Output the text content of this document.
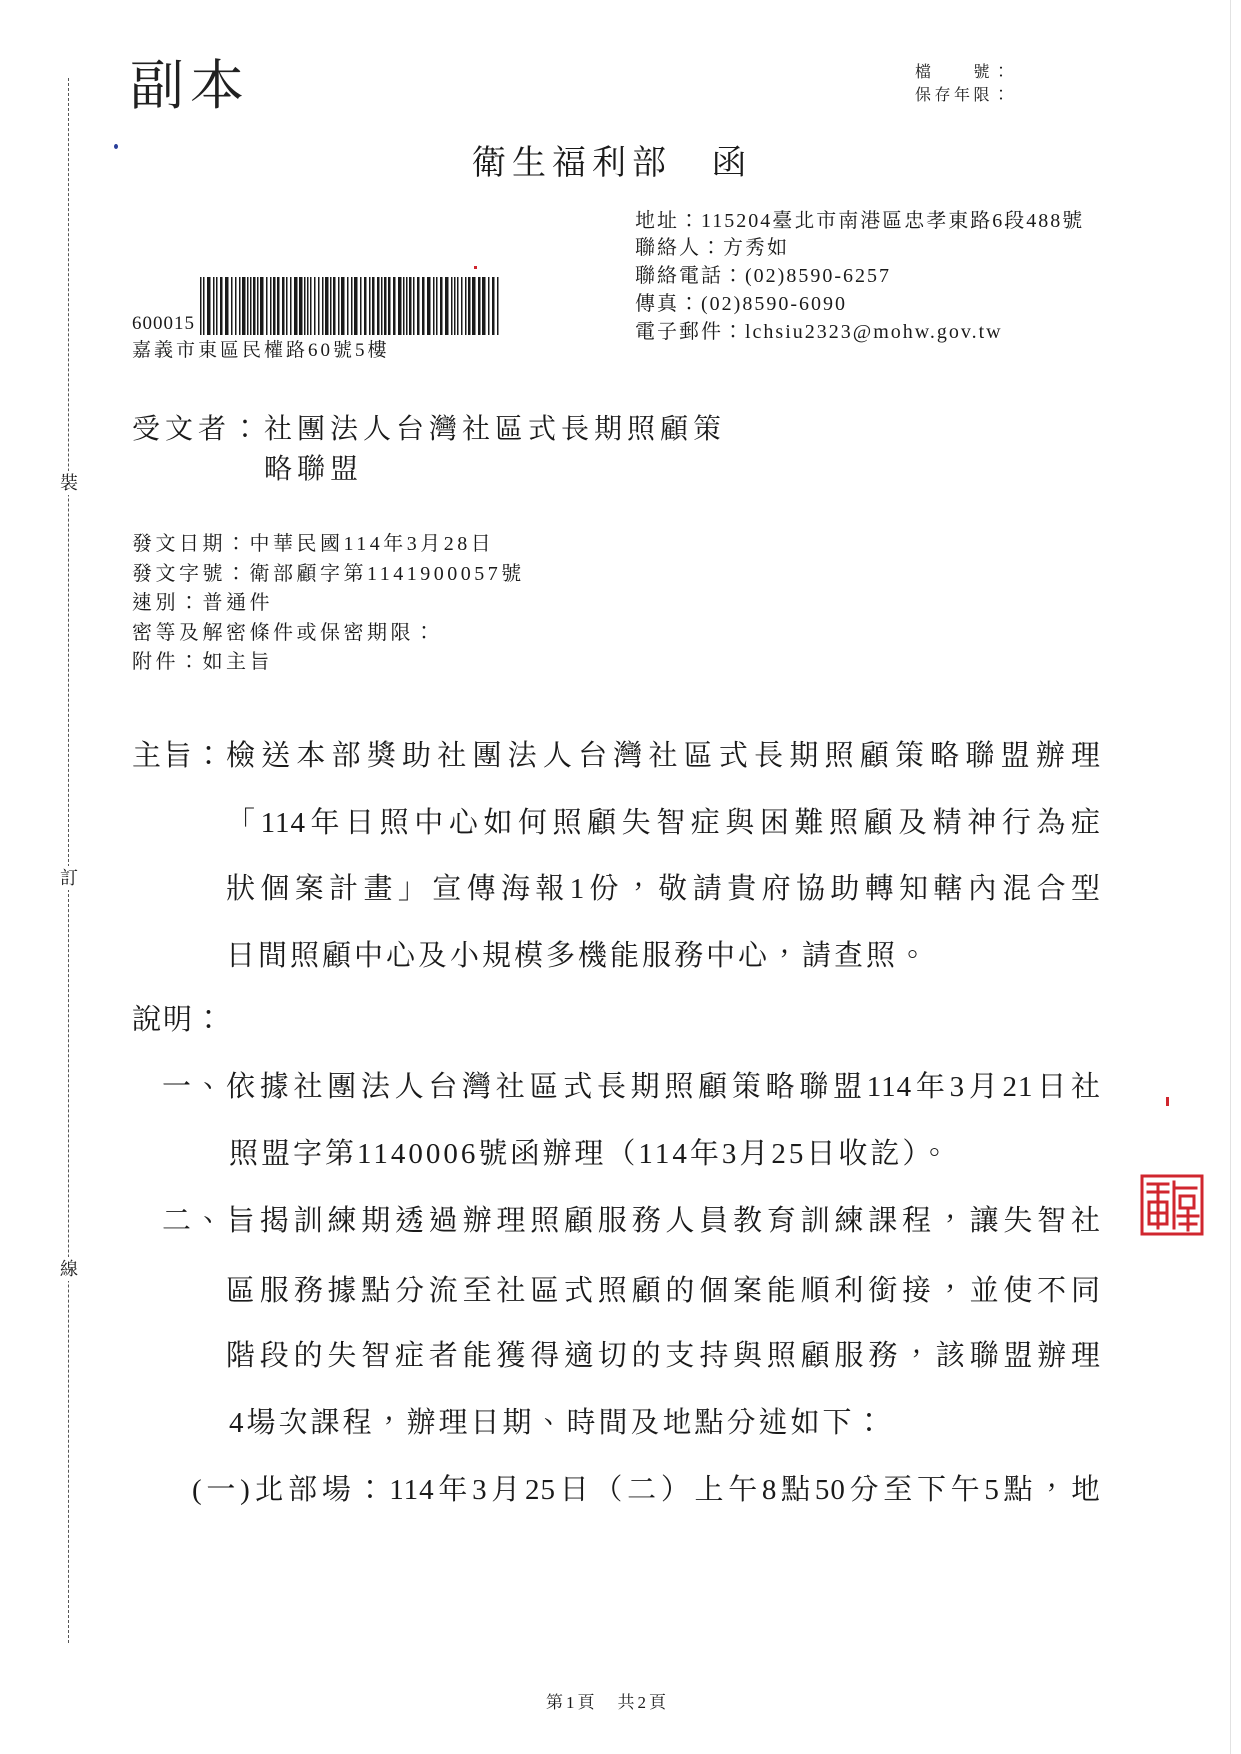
裝
訂
線
副本	檔　　號：
保存年限：
衛生福利部　函
地址：115204臺北市南港區忠孝東路6段488號
聯絡人：方秀如
聯絡電話：(02)8590-6257
傳真：(02)8590-6090
電子郵件：lchsiu2323@mohw.gov.tw
600015
嘉義市東區民權路60號5樓
受文者： 社團法人台灣社區式長期照顧策
略聯盟
發文日期：中華民國114年3月28日
發文字號：衛部顧字第1141900057號
速別：普通件
密等及解密條件或保密期限：
附件：如主旨
主旨： 檢送本部獎助社團法人台灣社區式長期照顧策略聯盟辦理
「114年日照中心如何照顧失智症與困難照顧及精神行為症
狀個案計畫」宣傳海報1份，敬請貴府協助轉知轄內混合型
日間照顧中心及小規模多機能服務中心，請查照。
說明：
一、 依據社團法人台灣社區式長期照顧策略聯盟114年3月21日社
照盟字第1140006號函辦理（114年3月25日收訖）。
二、 旨揭訓練期透過辦理照顧服務人員教育訓練課程，讓失智社
區服務據點分流至社區式照顧的個案能順利銜接，並使不同
階段的失智症者能獲得適切的支持與照顧服務，該聯盟辦理
4場次課程，辦理日期、時間及地點分述如下：
(一)北部場：114年3月25日（二）上午8點50分至下午5點，地
第1頁　共2頁
